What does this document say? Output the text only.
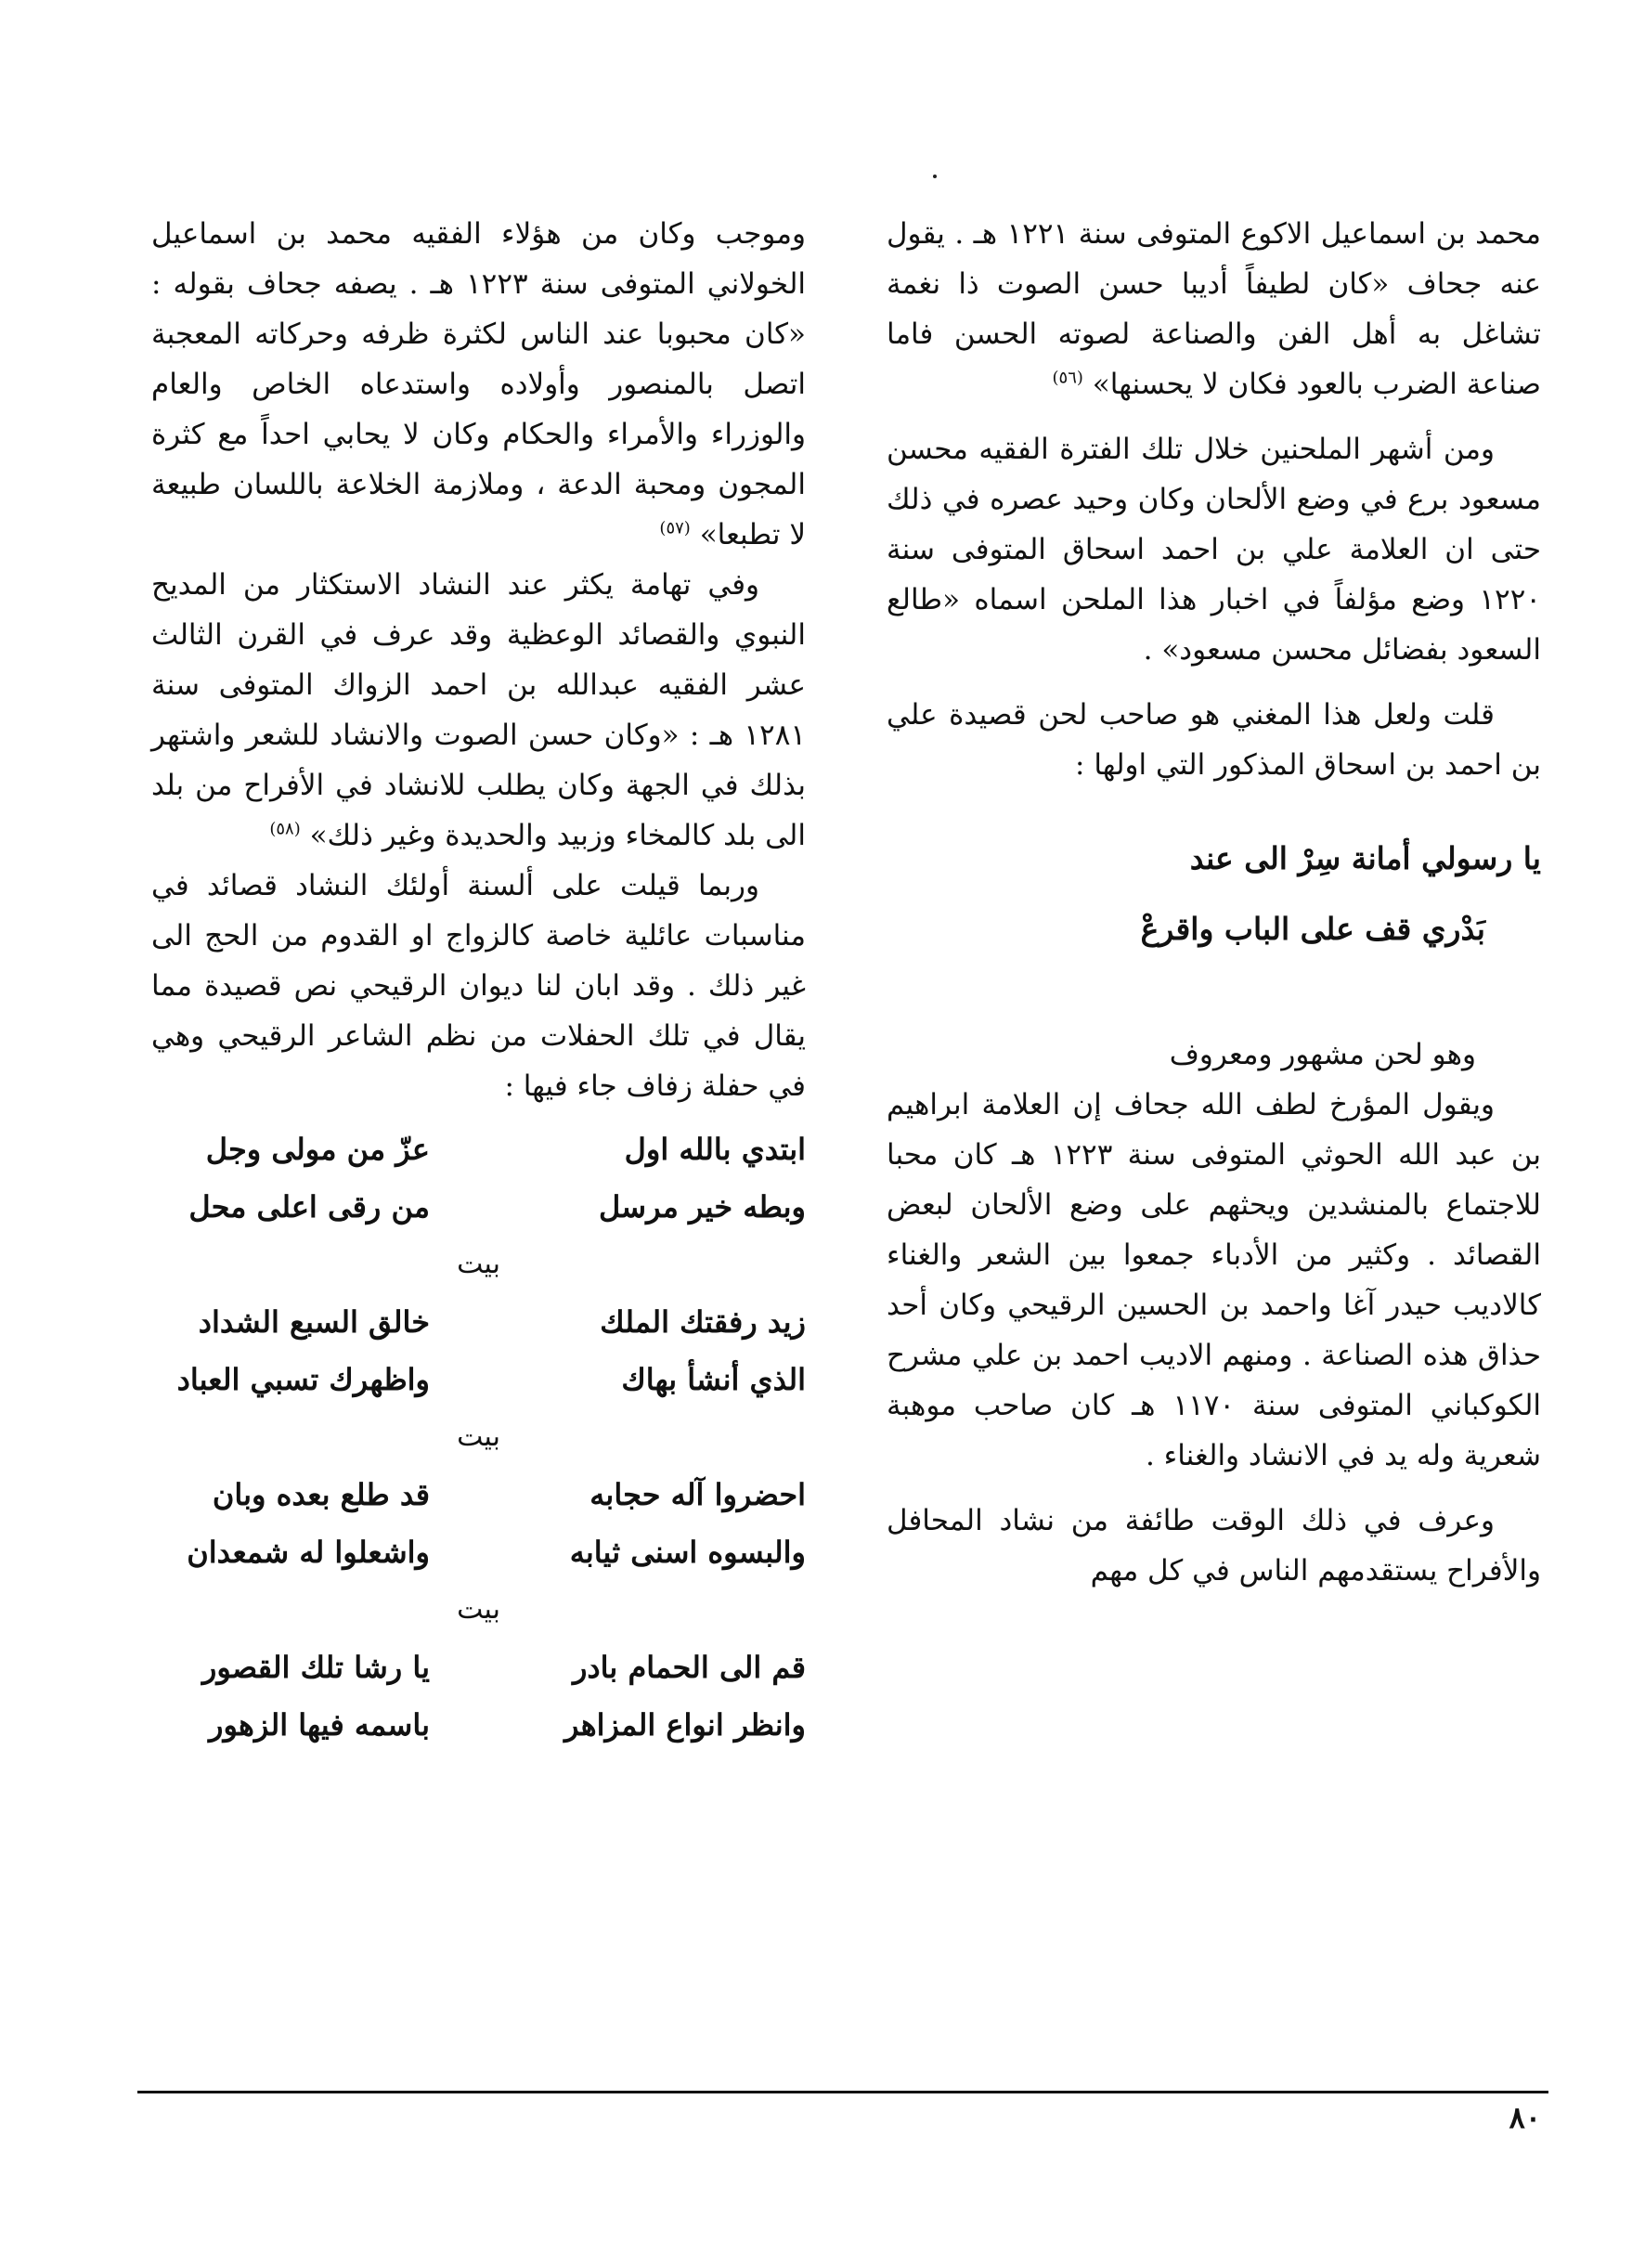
محمد بن اسماعيل الاكوع المتوفى سنة ١٢٢١ هـ . يقول عنه جحاف «كان لطيفاً أديبا حسن الصوت ذا نغمة تشاغل به أهل الفن والصناعة لصوته الحسن فاما صناعة الضرب بالعود فكان لا يحسنها» $^{(٥٦)}$

ومن أشهر الملحنين خلال تلك الفترة الفقيه محسن مسعود برع في وضع الألحان وكان وحيد عصره في ذلك حتى ان العلامة علي بن احمد اسحاق المتوفى سنة ١٢٢٠ وضع مؤلفاً في اخبار هذا الملحن اسماه «طالع السعود بفضائل محسن مسعود» .

قلت ولعل هذا المغني هو صاحب لحن قصيدة علي بن احمد بن اسحاق المذكور التي اولها :

يا رسولي أمانة سِرْ الى عند
بَدْري قف على الباب واقرعْ

وهو لحن مشهور ومعروف

ويقول المؤرخ لطف الله جحاف إن العلامة ابراهيم بن عبد الله الحوثي المتوفى سنة ١٢٢٣ هـ كان محبا للاجتماع بالمنشدين ويحثهم على وضع الألحان لبعض القصائد . وكثير من الأدباء جمعوا بين الشعر والغناء كالاديب حيدر آغا واحمد بن الحسين الرقيحي وكان أحد حذاق هذه الصناعة . ومنهم الاديب احمد بن علي مشرح الكوكباني المتوفى سنة ١١٧٠ هـ كان صاحب موهبة شعرية وله يد في الانشاد والغناء .

وعرف في ذلك الوقت طائفة من نشاد المحافل والأفراح يستقدمهم الناس في كل مهم

وموجب وكان من هؤلاء الفقيه محمد بن اسماعيل الخولاني المتوفى سنة ١٢٢٣ هـ . يصفه جحاف بقوله : «كان محبوبا عند الناس لكثرة ظرفه وحركاته المعجبة اتصل بالمنصور وأولاده واستدعاه الخاص والعام والوزراء والأمراء والحكام وكان لا يحابي احداً مع كثرة المجون ومحبة الدعة ، وملازمة الخلاعة باللسان طبيعة لا تطبعا» $^{(٥٧)}$

وفي تهامة يكثر عند النشاد الاستكثار من المديح النبوي والقصائد الوعظية وقد عرف في القرن الثالث عشر الفقيه عبدالله بن احمد الزواك المتوفى سنة ١٢٨١ هـ : «وكان حسن الصوت والانشاد للشعر واشتهر بذلك في الجهة وكان يطلب للانشاد في الأفراح من بلد الى بلد كالمخاء وزبيد والحديدة وغير ذلك» $^{(٥٨)}$

وربما قيلت على ألسنة أولئك النشاد قصائد في مناسبات عائلية خاصة كالزواج او القدوم من الحج الى غير ذلك . وقد ابان لنا ديوان الرقيحي نص قصيدة مما يقال في تلك الحفلات من نظم الشاعر الرقيحي وهي في حفلة زفاف جاء فيها :

ابتدي بالله اول
عزّ من مولى وجل
وبطه خير مرسل
من رقى اعلى محل
بيت
زيد رفقتك الملك
خالق السبع الشداد
الذي أنشأ بهاك
واظهرك تسبي العباد
بيت
احضروا آله حجابه
قد طلع بعده وبان
والبسوه اسنى ثيابه
واشعلوا له شمعدان
بيت
قم الى الحمام بادر
يا رشا تلك القصور
وانظر انواع المزاهر
باسمه فيها الزهور
٨٠
